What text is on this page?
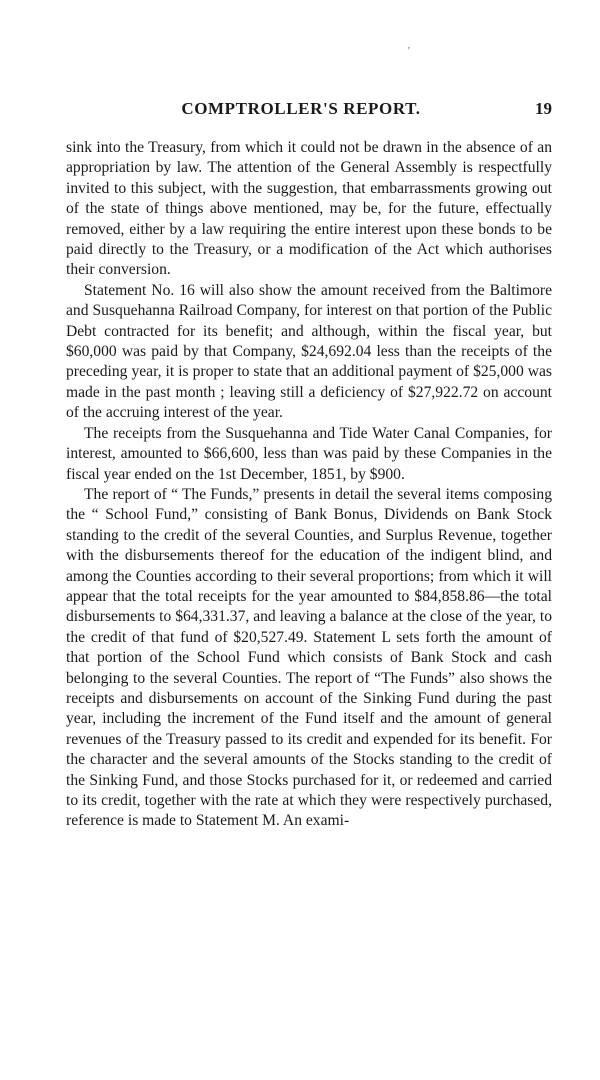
'
COMPTROLLER'S REPORT.	19

sink into the Treasury, from which it could not be drawn in the absence of an appropriation by law. The attention of the General Assembly is respectfully invited to this subject, with the suggestion, that embarrassments growing out of the state of things above mentioned, may be, for the future, effectually removed, either by a law requiring the entire interest upon these bonds to be paid directly to the Treasury, or a modification of the Act which authorises their conversion.

Statement No. 16 will also show the amount received from the Baltimore and Susquehanna Railroad Company, for interest on that portion of the Public Debt contracted for its benefit; and although, within the fiscal year, but $60,000 was paid by that Company, $24,692.04 less than the receipts of the preceding year, it is proper to state that an additional payment of $25,000 was made in the past month ; leaving still a deficiency of $27,922.72 on account of the accruing interest of the year.

The receipts from the Susquehanna and Tide Water Canal Companies, for interest, amounted to $66,600, less than was paid by these Companies in the fiscal year ended on the 1st December, 1851, by $900.

The report of “ The Funds,” presents in detail the several items composing the “ School Fund,” consisting of Bank Bonus, Dividends on Bank Stock standing to the credit of the several Counties, and Surplus Revenue, together with the disbursements thereof for the education of the indigent blind, and among the Counties according to their several proportions; from which it will appear that the total receipts for the year amounted to $84,858.86—the total disbursements to $64,331.37, and leaving a balance at the close of the year, to the credit of that fund of $20,527.49. Statement L sets forth the amount of that portion of the School Fund which consists of Bank Stock and cash belonging to the several Counties. The report of “The Funds” also shows the receipts and disbursements on account of the Sinking Fund during the past year, including the increment of the Fund itself and the amount of general revenues of the Treasury passed to its credit and expended for its benefit. For the character and the several amounts of the Stocks standing to the credit of the Sinking Fund, and those Stocks purchased for it, or redeemed and carried to its credit, together with the rate at which they were respectively purchased, reference is made to Statement M. An exami-
